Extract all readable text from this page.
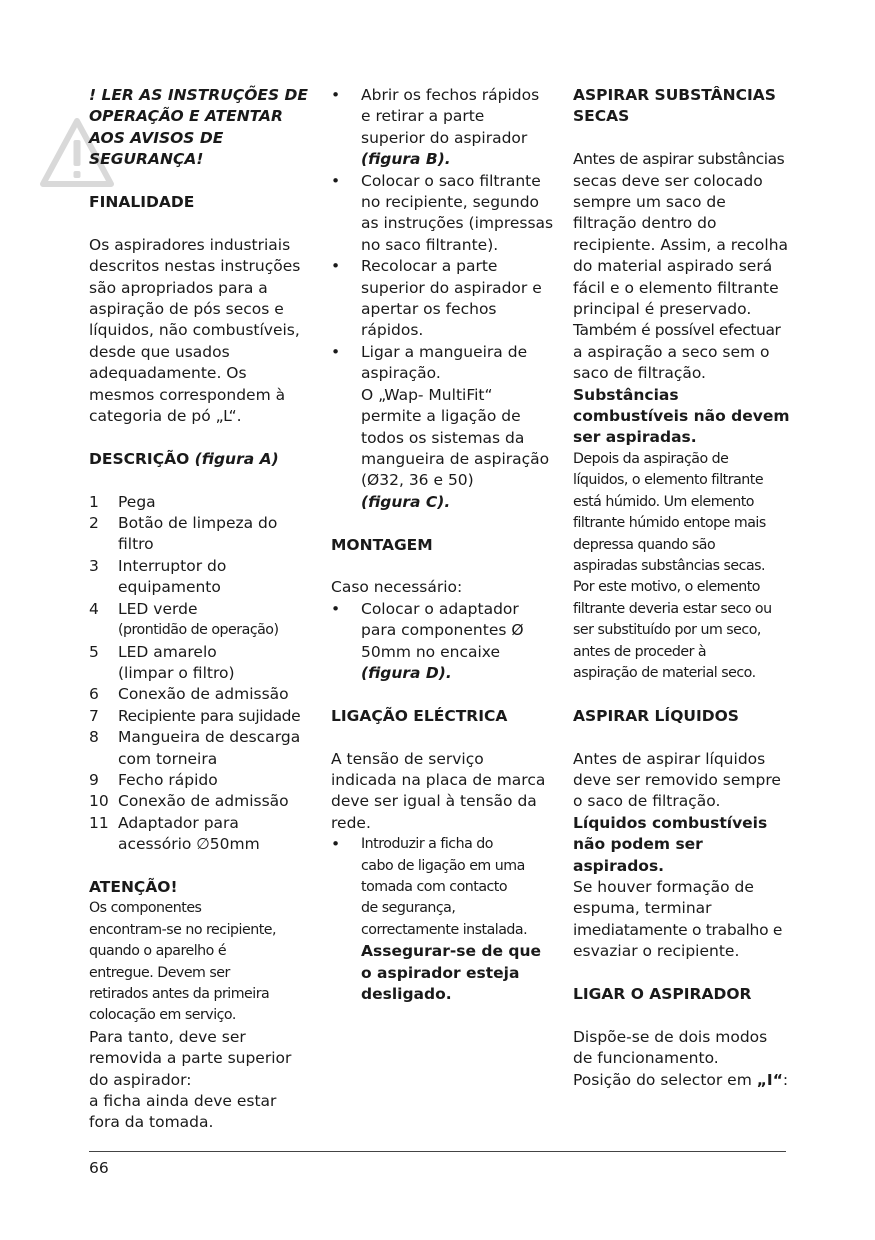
! LER AS INSTRUÇÕES DE
OPERAÇÃO E ATENTAR
AOS AVISOS DE
SEGURANÇA!
FINALIDADE
Os aspiradores industriais
descritos nestas instruções
são apropriados para a
aspiração de pós secos e
líquidos, não combustíveis,
desde que usados
adequadamente. Os
mesmos correspondem à
categoria de pó „L“.
DESCRIÇÃO (figura A)
1 Pega
2 Botão de limpeza do
filtro
3 Interruptor do
equipamento
4 LED verde
(prontidão de operação)
5 LED amarelo
(limpar o filtro)
6 Conexão de admissão
7 Recipiente para sujidade
8 Mangueira de descarga
com torneira
9 Fecho rápido
10 Conexão de admissão
11 Adaptador para
acessório ∅50mm
ATENÇÃO!
Os componentes
encontram-se no recipiente,
quando o aparelho é
entregue. Devem ser
retirados antes da primeira
colocação em serviço.
Para tanto, deve ser
removida a parte superior
do aspirador:
a ficha ainda deve estar
fora da tomada.
•	Abrir os fechos rápidos
e retirar a parte
superior do aspirador
(figura B).
•	Colocar o saco filtrante
no recipiente, segundo
as instruções (impressas
no saco filtrante).
•	Recolocar a parte
superior do aspirador e
apertar os fechos
rápidos.
•	Ligar a mangueira de
aspiração.
O „Wap- MultiFit“
permite a ligação de
todos os sistemas da
mangueira de aspiração
(Ø32, 36 e 50)
(figura C).
MONTAGEM
Caso necessário:
•	Colocar o adaptador
para componentes Ø
50mm no encaixe
(figura D).
LIGAÇÃO ELÉCTRICA
A tensão de serviço
indicada na placa de marca
deve ser igual à tensão da
rede.
•	Introduzir a ficha do
cabo de ligação em uma
tomada com contacto
de segurança,
correctamente instalada.
Assegurar-se de que
o aspirador esteja
desligado.
ASPIRAR SUBSTÂNCIAS
SECAS
Antes de aspirar substâncias
secas deve ser colocado
sempre um saco de
filtração dentro do
recipiente. Assim, a recolha
do material aspirado será
fácil e o elemento filtrante
principal é preservado.
Também é possível efectuar
a aspiração a seco sem o
saco de filtração.
Substâncias
combustíveis não devem
ser aspiradas.
Depois da aspiração de
líquidos, o elemento filtrante
está húmido. Um elemento
filtrante húmido entope mais
depressa quando são
aspiradas substâncias secas.
Por este motivo, o elemento
filtrante deveria estar seco ou
ser substituído por um seco,
antes de proceder à
aspiração de material seco.
ASPIRAR LÍQUIDOS
Antes de aspirar líquidos
deve ser removido sempre
o saco de filtração.
Líquidos combustíveis
não podem ser
aspirados.
Se houver formação de
espuma, terminar
imediatamente o trabalho e
esvaziar o recipiente.
LIGAR O ASPIRADOR
Dispõe-se de dois modos
de funcionamento.
Posição do selector em „I“:
66
